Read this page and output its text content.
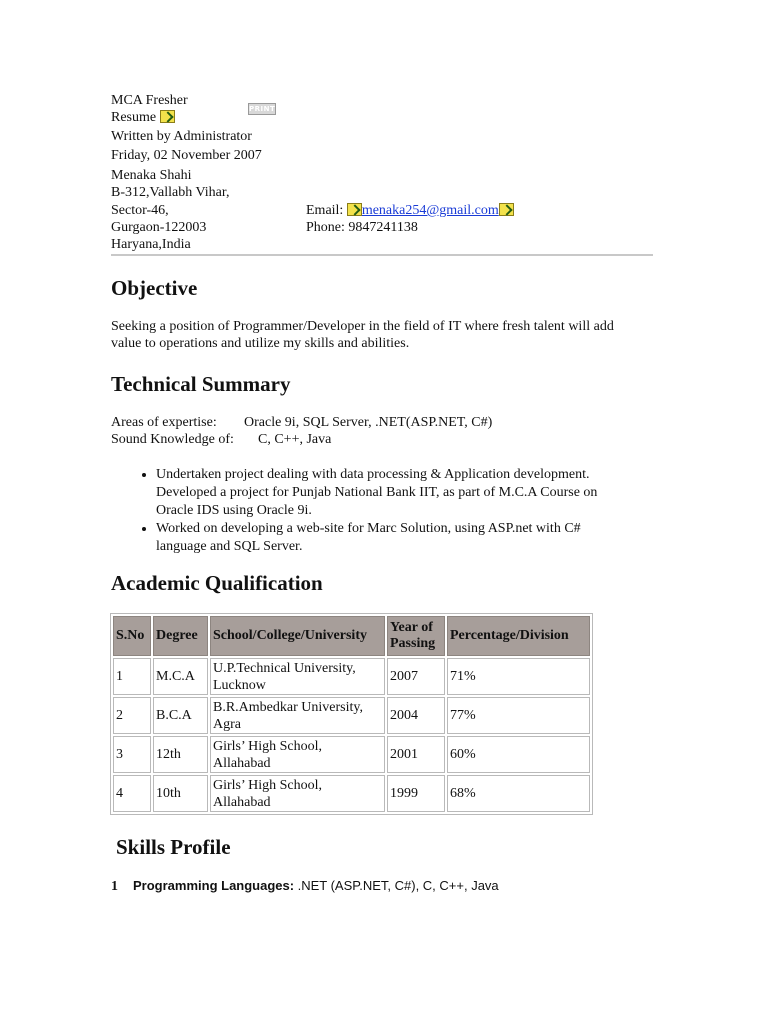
MCA Fresher
Resume
PRINT
Written by Administrator
Friday, 02 November 2007
Menaka Shahi
B-312,Vallabh Vihar,
Sector-46,
Gurgaon-122003
Haryana,India
Email: menaka254@gmail.com
Phone: 9847241138
Objective
Seeking a position of Programmer/Developer in the field of IT where fresh talent will add
value to operations and utilize my skills and abilities.
Technical Summary
Areas of expertise: Oracle 9i, SQL Server, .NET(ASP.NET, C#)
Sound Knowledge of: C, C++, Java
• Undertaken project dealing with data processing & Application development.
Developed a project for Punjab National Bank IIT, as part of M.C.A Course on
Oracle IDS using Oracle 9i.
• Worked on developing a web-site for Marc Solution, using ASP.net with C#
language and SQL Server.
Academic Qualification
S.No	Degree	School/College/University	Year of Passing	Percentage/Division
1	M.C.A	U.P.Technical University,
Lucknow	2007	71%
2	B.C.A	B.R.Ambedkar University,
Agra	2004	77%
3	12th	Girls’ High School,
Allahabad	2001	60%
4	10th	Girls’ High School,
Allahabad	1999	68%
Skills Profile
1 Programming Languages: .NET (ASP.NET, C#), C, C++, Java
